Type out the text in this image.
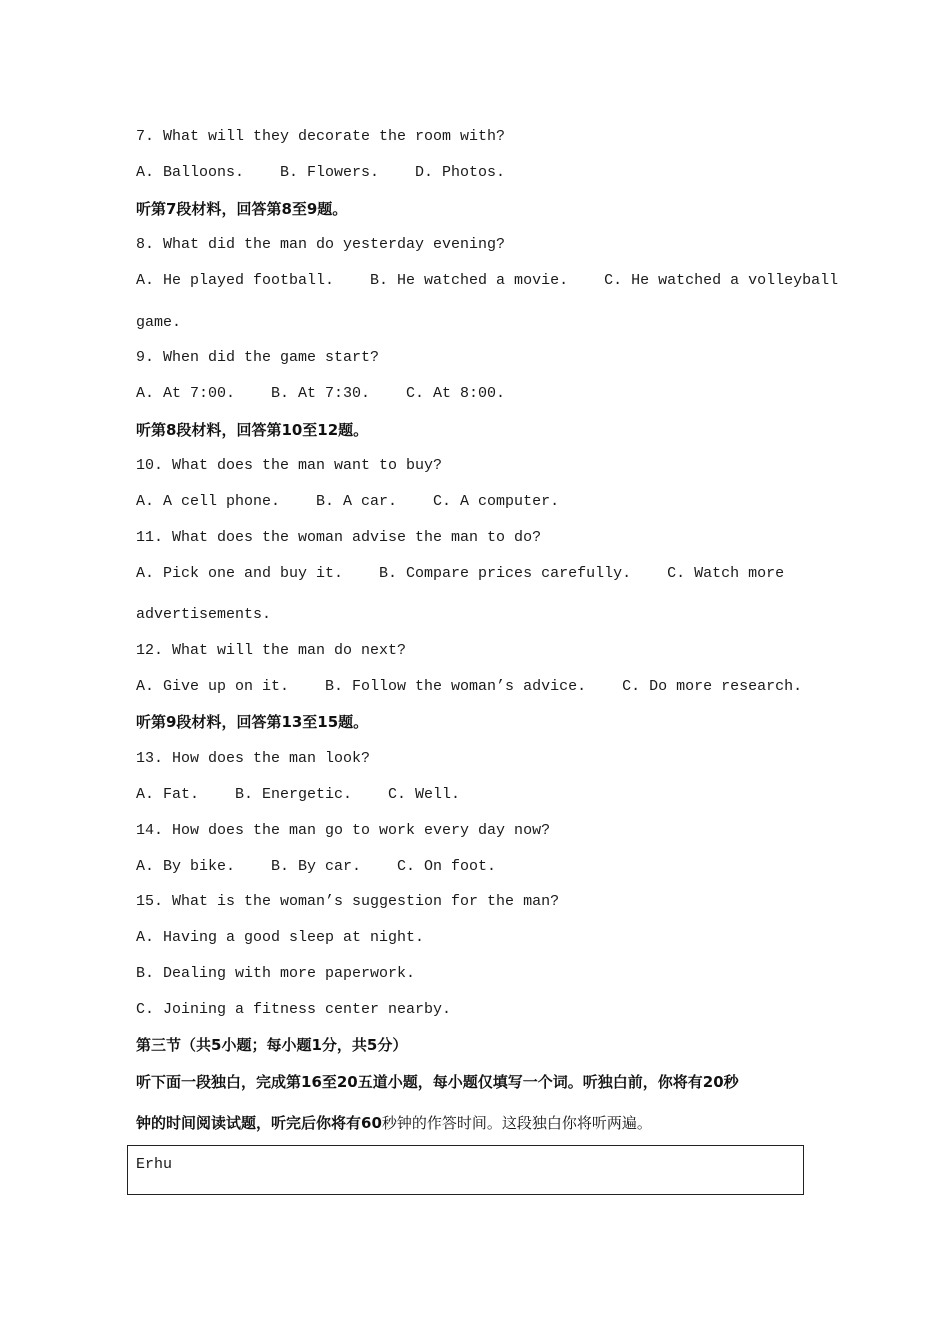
7. What will they decorate the room with?
A. Balloons.    B. Flowers.    D. Photos.
听第7段材料，回答第8至9题。
8. What did the man do yesterday evening?
A. He played football.    B. He watched a movie.    C. He watched a volleyball
game.
9. When did the game start?
A. At 7:00.    B. At 7:30.    C. At 8:00.
听第8段材料，回答第10至12题。
10. What does the man want to buy?
A. A cell phone.    B. A car.    C. A computer.
11. What does the woman advise the man to do?
A. Pick one and buy it.    B. Compare prices carefully.    C. Watch more
advertisements.
12. What will the man do next?
A. Give up on it.    B. Follow the woman’s advice.    C. Do more research.
听第9段材料，回答第13至15题。
13. How does the man look?
A. Fat.    B. Energetic.    C. Well.
14. How does the man go to work every day now?
A. By bike.    B. By car.    C. On foot.
15. What is the woman’s suggestion for the man?
A. Having a good sleep at night.
B. Dealing with more paperwork.
C. Joining a fitness center nearby.
第三节（共5小题；每小题1分，共5分）
听下面一段独白，完成第16至20五道小题，每小题仅填写一个词。听独白前，你将有20秒
钟的时间阅读试题，听完后你将有60秒钟的作答时间。这段独白你将听两遍。
Erhu
